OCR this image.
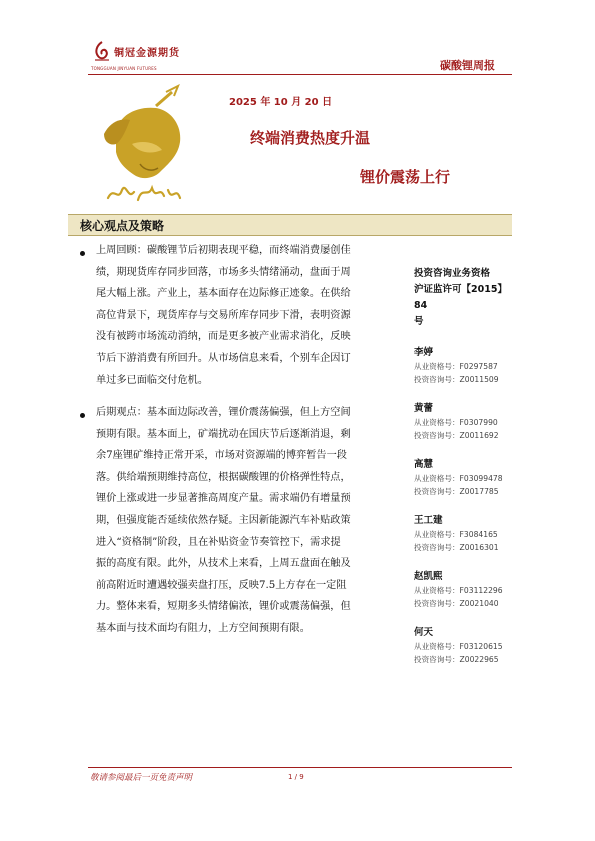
铜冠金源期货
TONGGUAN JINYUAN FUTURES	碳酸锂周报
2025 年 10 月 20 日
终端消费热度升温
锂价震荡上行
核心观点及策略
上周回顾：碳酸锂节后初期表现平稳，而终端消费屡创佳
绩，期现货库存同步回落，市场多头情绪涌动，盘面于周
尾大幅上涨。产业上，基本面存在边际修正迹象。在供给
高位背景下，现货库存与交易所库存同步下滑，表明资源
没有被跨市场流动消纳，而是更多被产业需求消化，反映
节后下游消费有所回升。从市场信息来看，个别车企因订
单过多已面临交付危机。
后期观点：基本面边际改善，锂价震荡偏强，但上方空间
预期有限。基本面上，矿端扰动在国庆节后逐渐消退，剩
余7座锂矿维持正常开采，市场对资源端的博弈暂告一段
落。供给端预期维持高位，根据碳酸锂的价格弹性特点，
锂价上涨或进一步显著推高周度产量。需求端仍有增量预
期，但强度能否延续依然存疑。主因新能源汽车补贴政策
进入“资格制”阶段，且在补贴资金节奏管控下，需求提
振的高度有限。此外，从技术上来看，上周五盘面在触及
前高附近时遭遇较强卖盘打压，反映7.5上方存在一定阻
力。整体来看，短期多头情绪偏浓，锂价或震荡偏强，但
基本面与技术面均有阻力，上方空间预期有限。
投资咨询业务资格
沪证监许可【2015】84
号
李婷
从业资格号：F0297587
投资咨询号：Z0011509
黄蕾
从业资格号：F0307990
投资咨询号：Z0011692
高慧
从业资格号：F03099478
投资咨询号：Z0017785
王工建
从业资格号：F3084165
投资咨询号：Z0016301
赵凯熙
从业资格号：F03112296
投资咨询号：Z0021040
何天
从业资格号：F03120615
投资咨询号：Z0022965
敬请参阅最后一页免责声明	1 / 9
